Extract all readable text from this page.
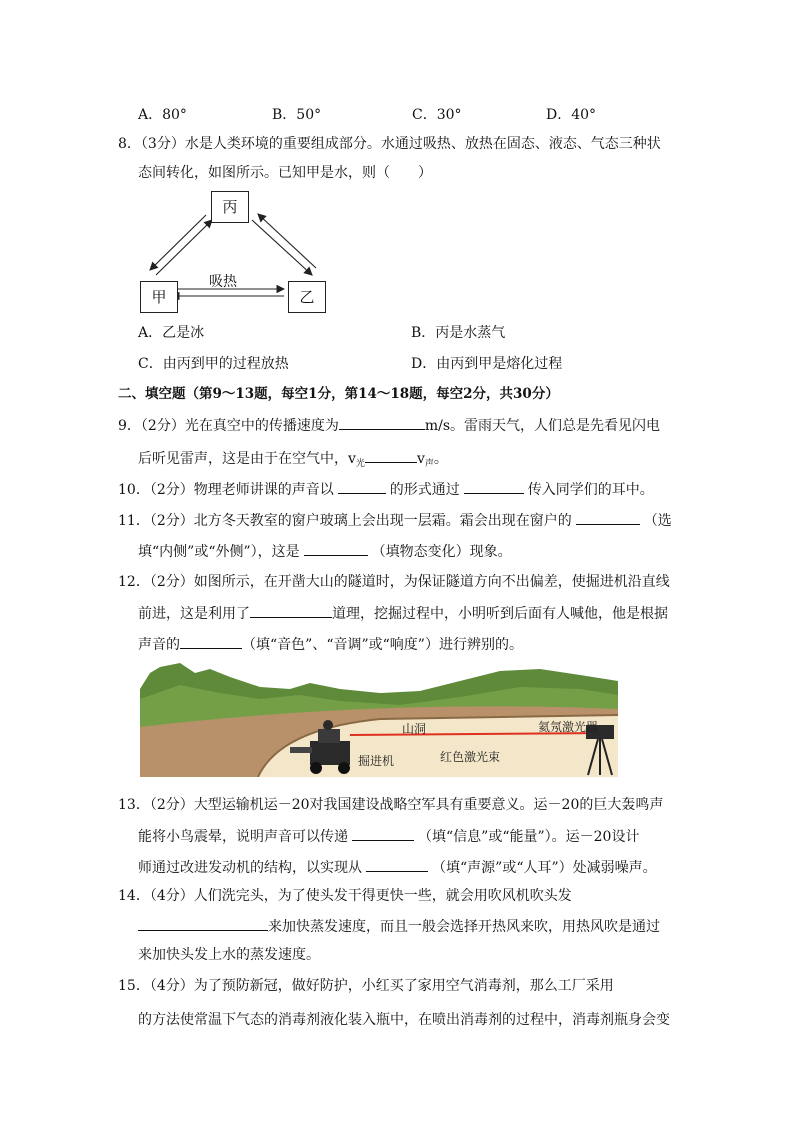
A．80°	B．50°	C．30°	D．40°
8．（3分）水是人类环境的重要组成部分。水通过吸热、放热在固态、液态、气态三种状
态间转化，如图所示。已知甲是水，则（　　）
丙
甲	乙
吸热
A．乙是冰	B．丙是水蒸气
C．由丙到甲的过程放热	D．由丙到甲是熔化过程
二、填空题（第9～13题，每空1分，第14～18题，每空2分，共30分）
9．（2分）光在真空中的传播速度为	m/s。雷雨天气，人们总是先看见闪电
后听见雷声，这是由于在空气中，$v_光$	$v_声$。
10．（2分）物理老师讲课的声音以	的形式通过	传入同学们的耳中。
11．（2分）北方冬天教室的窗户玻璃上会出现一层霜。霜会出现在窗户的	（选
填“内侧”或“外侧”），这是	（填物态变化）现象。
12．（2分）如图所示，在开凿大山的隧道时，为保证隧道方向不出偏差，使掘进机沿直线
前进，这是利用了	道理，挖掘过程中，小明听到后面有人喊他，他是根据
声音的	（填“音色”、“音调”或“响度”）进行辨别的。
山洞	氦氖激光器
掘进机	红色激光束
13．（2分）大型运输机运－20对我国建设战略空军具有重要意义。运－20的巨大轰鸣声
能将小鸟震晕，说明声音可以传递	（填“信息”或“能量”）。运－20设计
师通过改进发动机的结构，以实现从	（填“声源”或“人耳”）处减弱噪声。
14．（4分）人们洗完头，为了使头发干得更快一些，就会用吹风机吹头发
来加快蒸发速度，而且一般会选择开热风来吹，用热风吹是通过
来加快头发上水的蒸发速度。
15．（4分）为了预防新冠，做好防护，小红买了家用空气消毒剂，那么工厂采用
的方法使常温下气态的消毒剂液化装入瓶中，在喷出消毒剂的过程中，消毒剂瓶身会变
